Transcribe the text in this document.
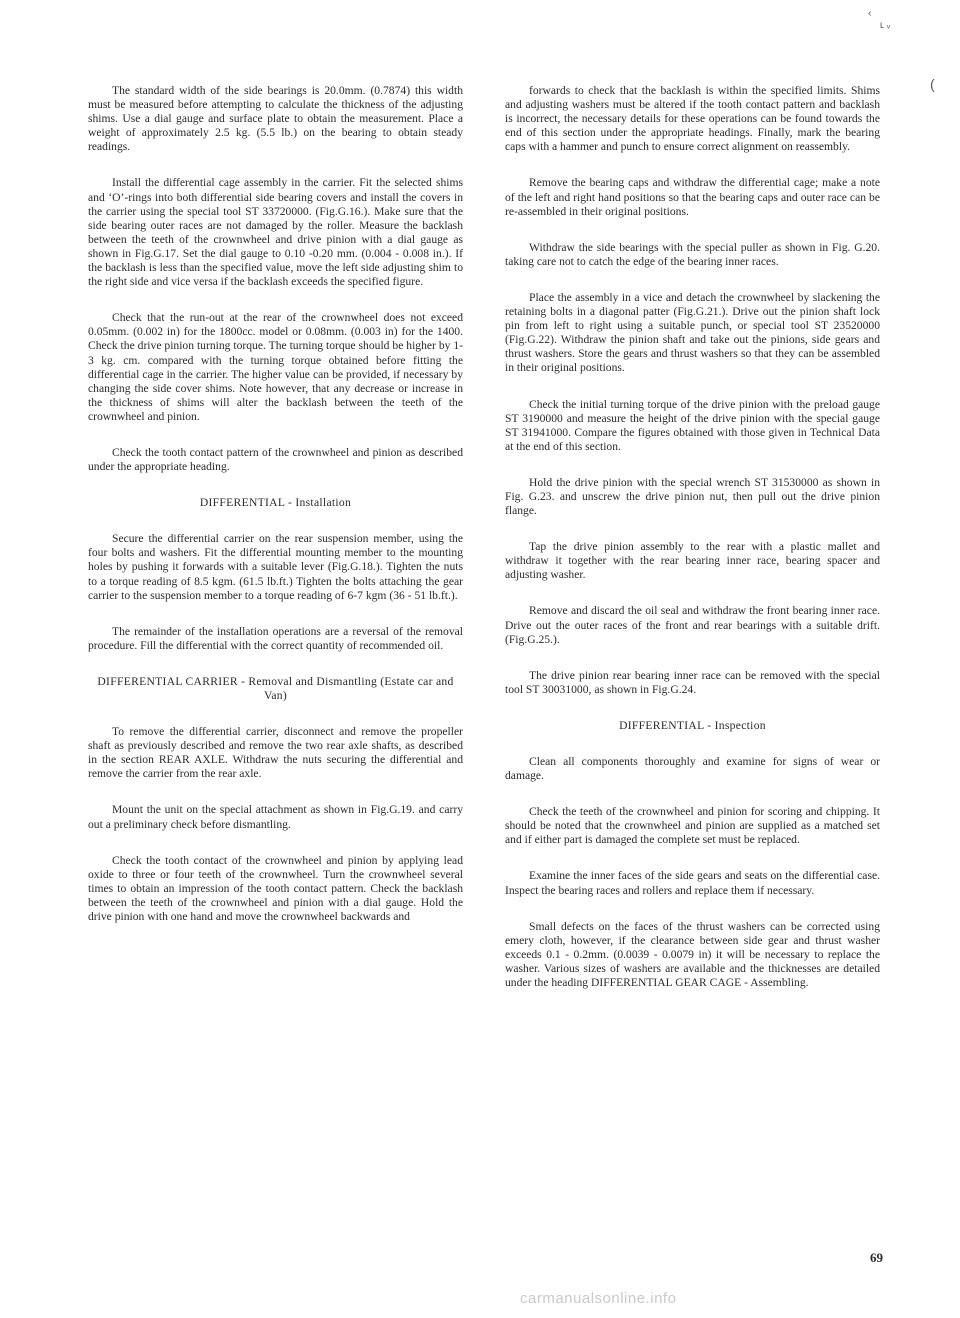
The standard width of the side bearings is 20.0mm. (0.7874) this width must be measured before attempting to calculate the thickness of the adjusting shims. Use a dial gauge and surface plate to obtain the measurement. Place a weight of approximately 2.5 kg. (5.5 lb.) on the bearing to obtain steady readings.

Install the differential cage assembly in the carrier. Fit the selected shims and ‘O’-rings into both differential side bearing covers and install the covers in the carrier using the special tool ST 33720000. (Fig.G.16.). Make sure that the side bearing outer races are not damaged by the roller. Measure the backlash between the teeth of the crownwheel and drive pinion with a dial gauge as shown in Fig.G.17. Set the dial gauge to 0.10 -0.20 mm. (0.004 - 0.008 in.). If the backlash is less than the specified value, move the left side adjusting shim to the right side and vice versa if the backlash exceeds the specified figure.

Check that the run-out at the rear of the crownwheel does not exceed 0.05mm. (0.002 in) for the 1800cc. model or 0.08mm. (0.003 in) for the 1400. Check the drive pinion turning torque. The turning torque should be higher by 1-3 kg. cm. compared with the turning torque obtained before fitting the differential cage in the carrier. The higher value can be provided, if necessary by changing the side cover shims. Note however, that any decrease or increase in the thickness of shims will alter the backlash between the teeth of the crownwheel and pinion.

Check the tooth contact pattern of the crownwheel and pinion as described under the appropriate heading.

DIFFERENTIAL - Installation

Secure the differential carrier on the rear suspension member, using the four bolts and washers. Fit the differential mounting member to the mounting holes by pushing it forwards with a suitable lever (Fig.G.18.). Tighten the nuts to a torque reading of 8.5 kgm. (61.5 lb.ft.) Tighten the bolts attaching the gear carrier to the suspension member to a torque reading of 6-7 kgm (36 - 51 lb.ft.).

The remainder of the installation operations are a reversal of the removal procedure. Fill the differential with the correct quantity of recommended oil.

DIFFERENTIAL CARRIER - Removal and Dismantling (Estate car and Van)

To remove the differential carrier, disconnect and remove the propeller shaft as previously described and remove the two rear axle shafts, as described in the section REAR AXLE. Withdraw the nuts securing the differential and remove the carrier from the rear axle.

Mount the unit on the special attachment as shown in Fig.G.19. and carry out a preliminary check before dismantling.

Check the tooth contact of the crownwheel and pinion by applying lead oxide to three or four teeth of the crownwheel. Turn the crownwheel several times to obtain an impression of the tooth contact pattern. Check the backlash between the teeth of the crownwheel and pinion with a dial gauge. Hold the drive pinion with one hand and move the crownwheel backwards and

forwards to check that the backlash is within the specified limits. Shims and adjusting washers must be altered if the tooth contact pattern and backlash is incorrect, the necessary details for these operations can be found towards the end of this section under the appropriate headings. Finally, mark the bearing caps with a hammer and punch to ensure correct alignment on reassembly.

Remove the bearing caps and withdraw the differential cage; make a note of the left and right hand positions so that the bearing caps and outer race can be re-assembled in their original positions.

Withdraw the side bearings with the special puller as shown in Fig. G.20. taking care not to catch the edge of the bearing inner races.

Place the assembly in a vice and detach the crownwheel by slackening the retaining bolts in a diagonal patter (Fig.G.21.). Drive out the pinion shaft lock pin from left to right using a suitable punch, or special tool ST 23520000 (Fig.G.22). Withdraw the pinion shaft and take out the pinions, side gears and thrust washers. Store the gears and thrust washers so that they can be assembled in their original positions.

Check the initial turning torque of the drive pinion with the preload gauge ST 3190000 and measure the height of the drive pinion with the special gauge ST 31941000. Compare the figures obtained with those given in Technical Data at the end of this section.

Hold the drive pinion with the special wrench ST 31530000 as shown in Fig. G.23. and unscrew the drive pinion nut, then pull out the drive pinion flange.

Tap the drive pinion assembly to the rear with a plastic mallet and withdraw it together with the rear bearing inner race, bearing spacer and adjusting washer.

Remove and discard the oil seal and withdraw the front bearing inner race. Drive out the outer races of the front and rear bearings with a suitable drift. (Fig.G.25.).

The drive pinion rear bearing inner race can be removed with the special tool ST 30031000, as shown in Fig.G.24.

DIFFERENTIAL - Inspection

Clean all components thoroughly and examine for signs of wear or damage.

Check the teeth of the crownwheel and pinion for scoring and chipping. It should be noted that the crownwheel and pinion are supplied as a matched set and if either part is damaged the complete set must be replaced.

Examine the inner faces of the side gears and seats on the differential case. Inspect the bearing races and rollers and replace them if necessary.

Small defects on the faces of the thrust washers can be corrected using emery cloth, however, if the clearance between side gear and thrust washer exceeds 0.1 - 0.2mm. (0.0039 - 0.0079 in) it will be necessary to replace the washer. Various sizes of washers are available and the thicknesses are detailed under the heading DIFFERENTIAL GEAR CAGE - Assembling.

‹
ʟ ᵥ
(
69
carmanualsonline.info
